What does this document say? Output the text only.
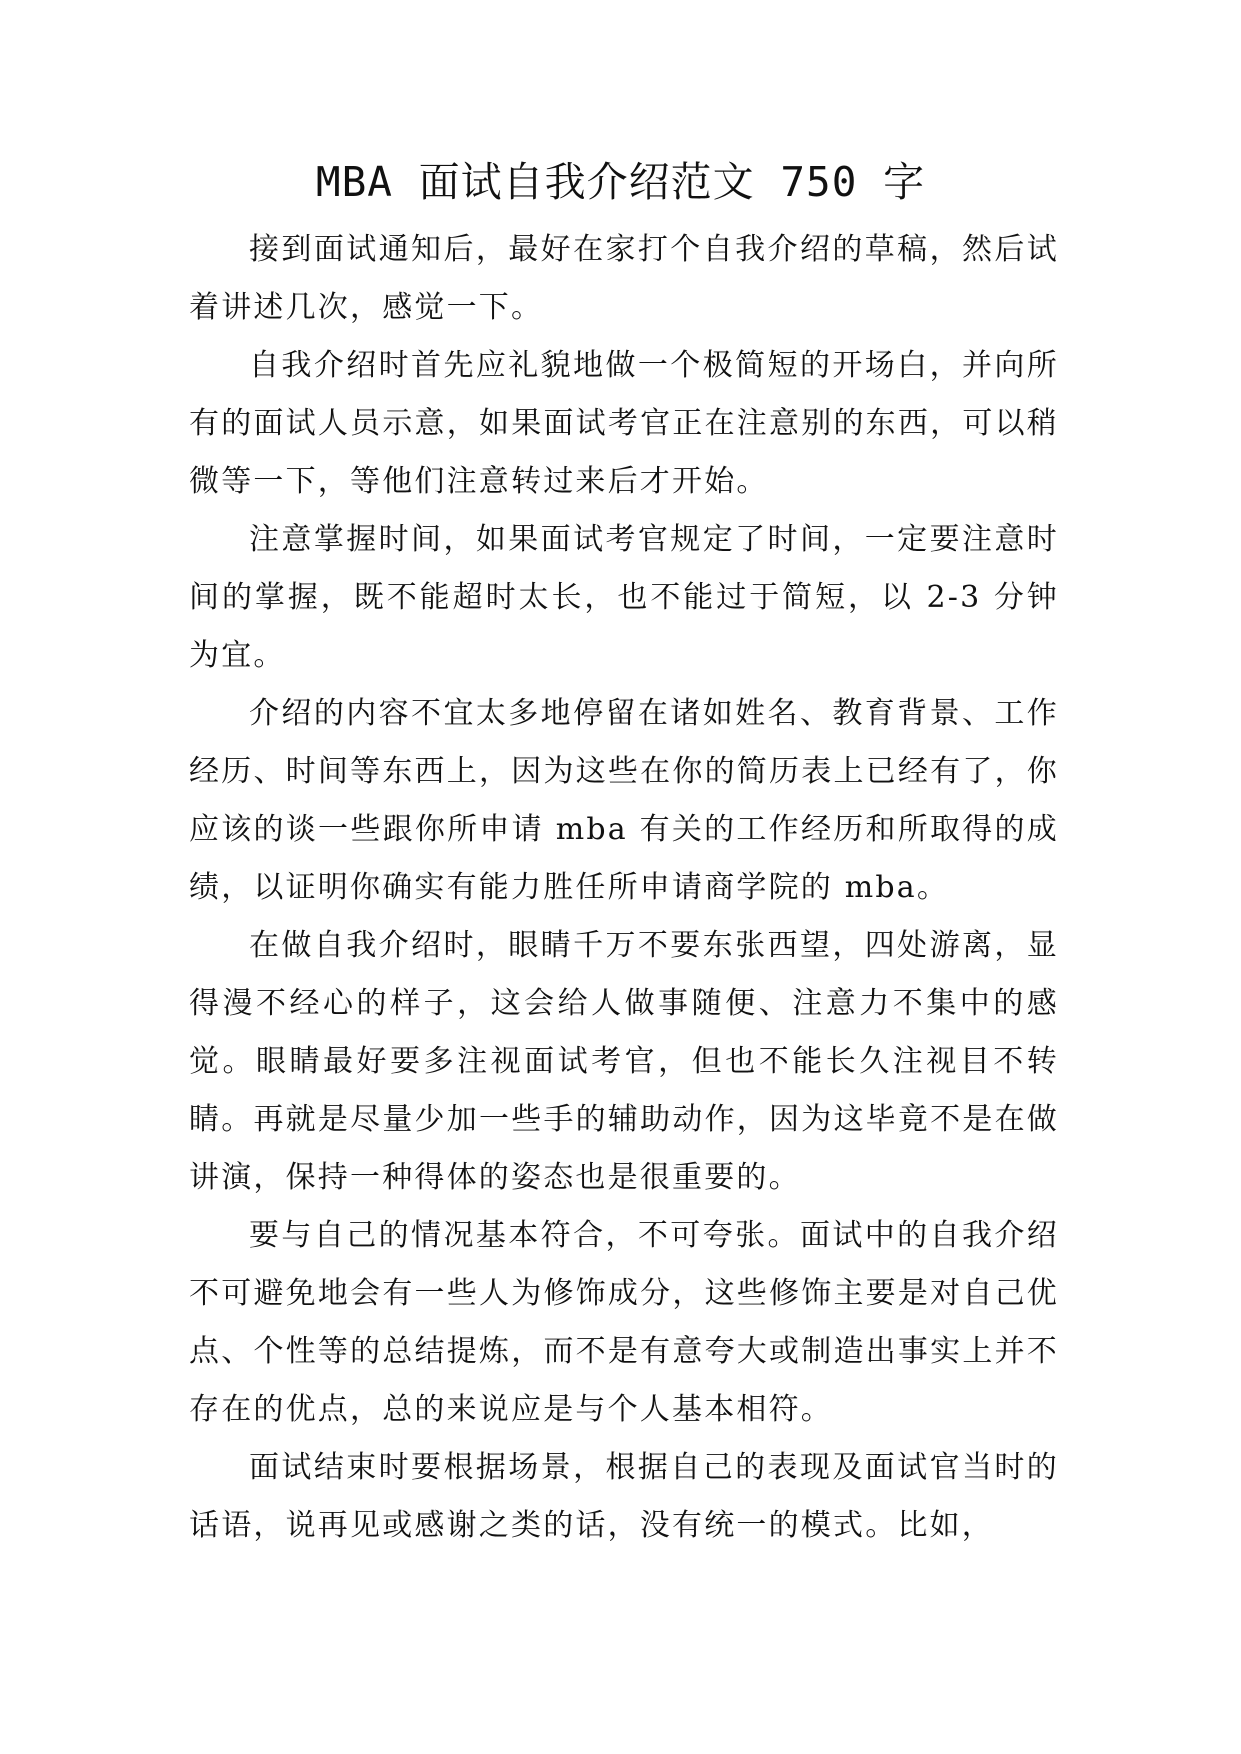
MBA 面试自我介绍范文 750 字

接到面试通知后，最好在家打个自我介绍的草稿，然后试着讲述几次，感觉一下。

自我介绍时首先应礼貌地做一个极简短的开场白，并向所有的面试人员示意，如果面试考官正在注意别的东西，可以稍微等一下，等他们注意转过来后才开始。

注意掌握时间，如果面试考官规定了时间，一定要注意时间的掌握，既不能超时太长，也不能过于简短，以 2-3 分钟为宜。

介绍的内容不宜太多地停留在诸如姓名、教育背景、工作经历、时间等东西上，因为这些在你的简历表上已经有了，你应该的谈一些跟你所申请 mba 有关的工作经历和所取得的成绩，以证明你确实有能力胜任所申请商学院的 mba。

在做自我介绍时，眼睛千万不要东张西望，四处游离，显得漫不经心的样子，这会给人做事随便、注意力不集中的感觉。眼睛最好要多注视面试考官，但也不能长久注视目不转睛。再就是尽量少加一些手的辅助动作，因为这毕竟不是在做讲演，保持一种得体的姿态也是很重要的。

要与自己的情况基本符合，不可夸张。面试中的自我介绍不可避免地会有一些人为修饰成分，这些修饰主要是对自己优点、个性等的总结提炼，而不是有意夸大或制造出事实上并不存在的优点，总的来说应是与个人基本相符。

面试结束时要根据场景，根据自己的表现及面试官当时的话语，说再见或感谢之类的话，没有统一的模式。比如，
